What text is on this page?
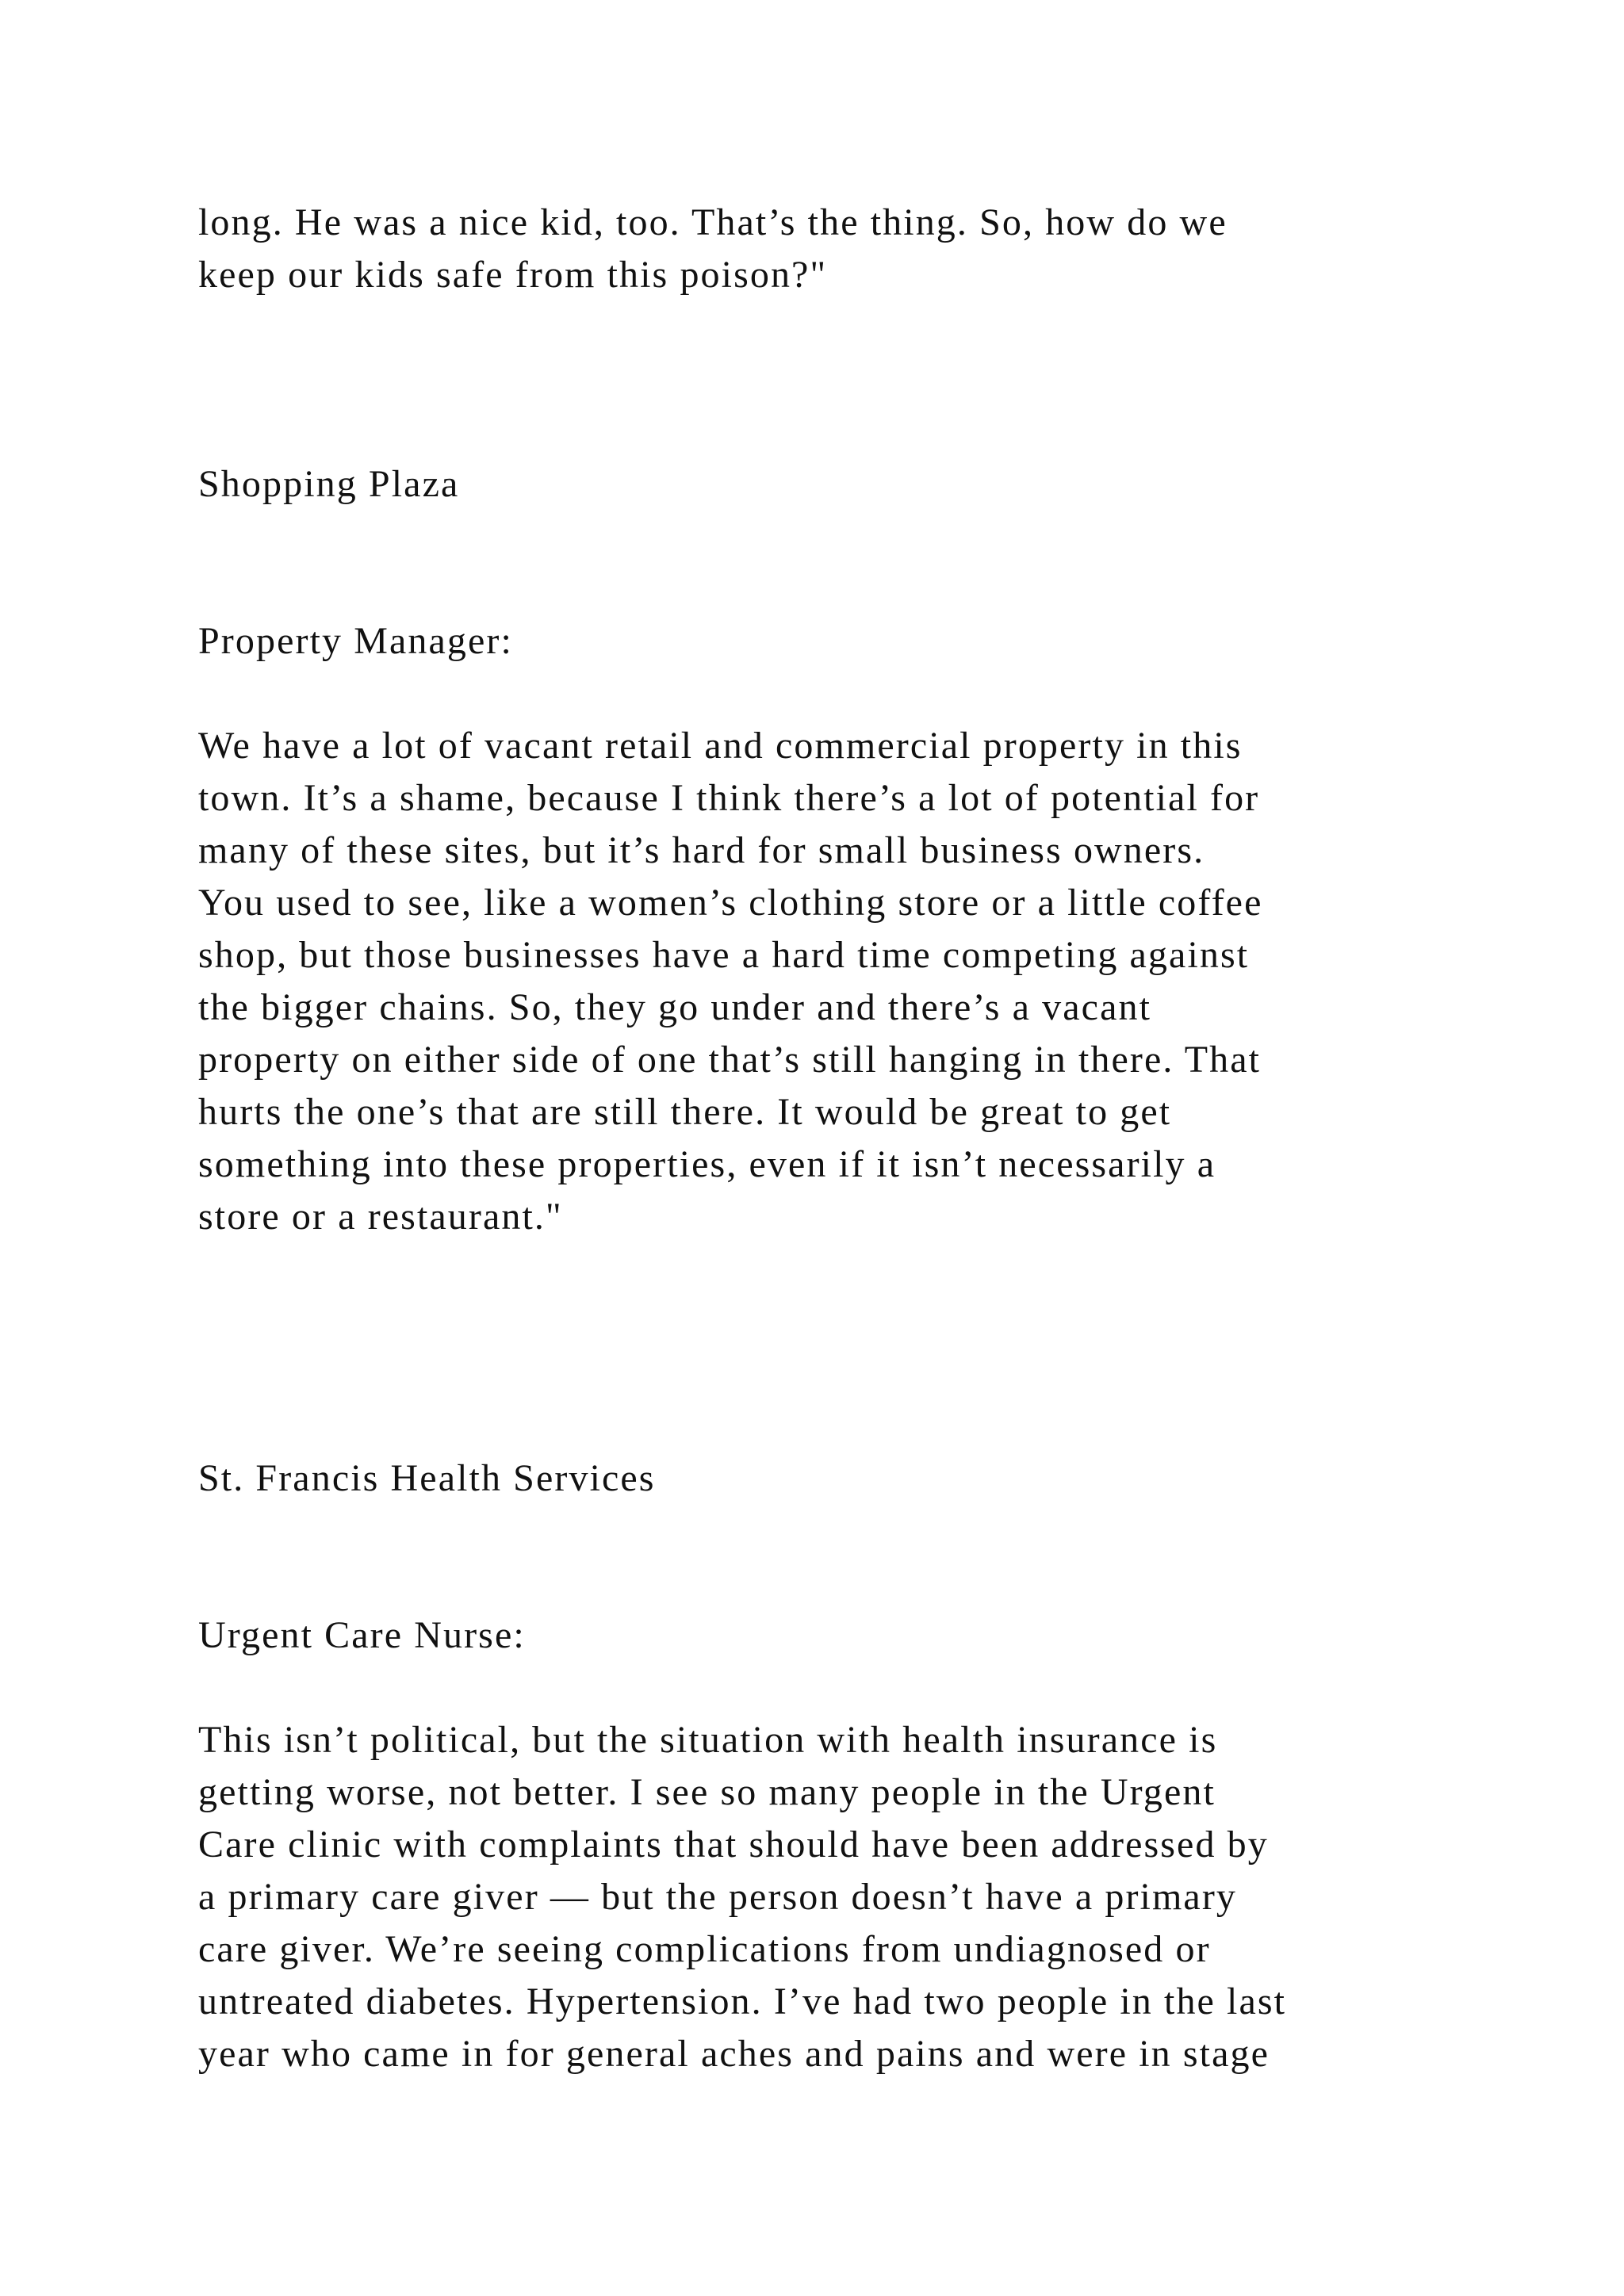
long. He was a nice kid, too. That’s the thing. So, how do we

keep our kids safe from this poison?"

Shopping Plaza

Property Manager:

We have a lot of vacant retail and commercial property in this

town. It’s a shame, because I think there’s a lot of potential for

many of these sites, but it’s hard for small business owners.

You used to see, like a women’s clothing store or a little coffee

shop, but those businesses have a hard time competing against

the bigger chains. So, they go under and there’s a vacant

property on either side of one that’s still hanging in there. That

hurts the one’s that are still there. It would be great to get

something into these properties, even if it isn’t necessarily a

store or a restaurant."

St. Francis Health Services

Urgent Care Nurse:

This isn’t political, but the situation with health insurance is

getting worse, not better. I see so many people in the Urgent

Care clinic with complaints that should have been addressed by

a primary care giver — but the person doesn’t have a primary

care giver. We’re seeing complications from undiagnosed or

untreated diabetes. Hypertension. I’ve had two people in the last

year who came in for general aches and pains and were in stage
